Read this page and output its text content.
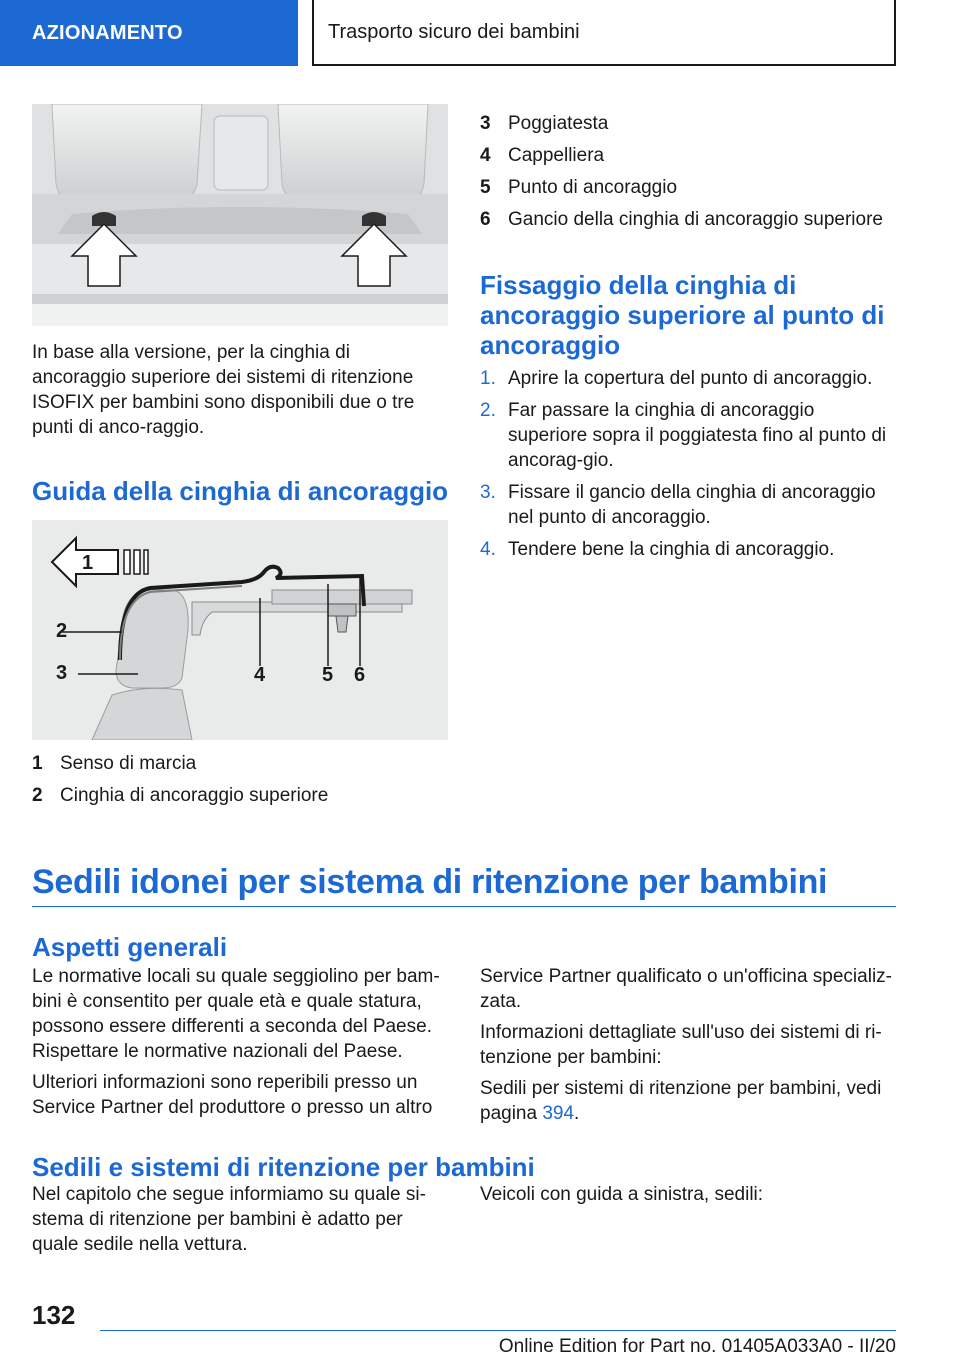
AZIONAMENTO	Trasporto sicuro dei bambini

In base alla versione, per la cinghia di ancoraggio superiore dei sistemi di ritenzione ISOFIX per bambini sono disponibili due o tre punti di anco-raggio.

Guida della cinghia di ancoraggio
1
2
3	4	5 6
1 Senso di marcia
2 Cinghia di ancoraggio superiore
3 Poggiatesta
4 Cappelliera
5 Punto di ancoraggio
6 Gancio della cinghia di ancoraggio superiore
Fissaggio della cinghia di ancoraggio superiore al punto di ancoraggio
1. Aprire la copertura del punto di ancoraggio.
2. Far passare la cinghia di ancoraggio superiore sopra il poggiatesta fino al punto di ancorag-gio.
3. Fissare il gancio della cinghia di ancoraggio nel punto di ancoraggio.
4. Tendere bene la cinghia di ancoraggio.
Sedili idonei per sistema di ritenzione per bambini
Aspetti generali

Le normative locali su quale seggiolino per bam-bini è consentito per quale età e quale statura, possono essere differenti a seconda del Paese. Rispettare le normative nazionali del Paese.

Ulteriori informazioni sono reperibili presso un Service Partner del produttore o presso un altro

Service Partner qualificato o un'officina specializ-zata.

Informazioni dettagliate sull'uso dei sistemi di ri-tenzione per bambini:

Sedili per sistemi di ritenzione per bambini, vedi pagina 394.

Sedili e sistemi di ritenzione per bambini

Nel capitolo che segue informiamo su quale si-stema di ritenzione per bambini è adatto per quale sedile nella vettura.

Veicoli con guida a sinistra, sedili:

132
Online Edition for Part no. 01405A033A0 - II/20
